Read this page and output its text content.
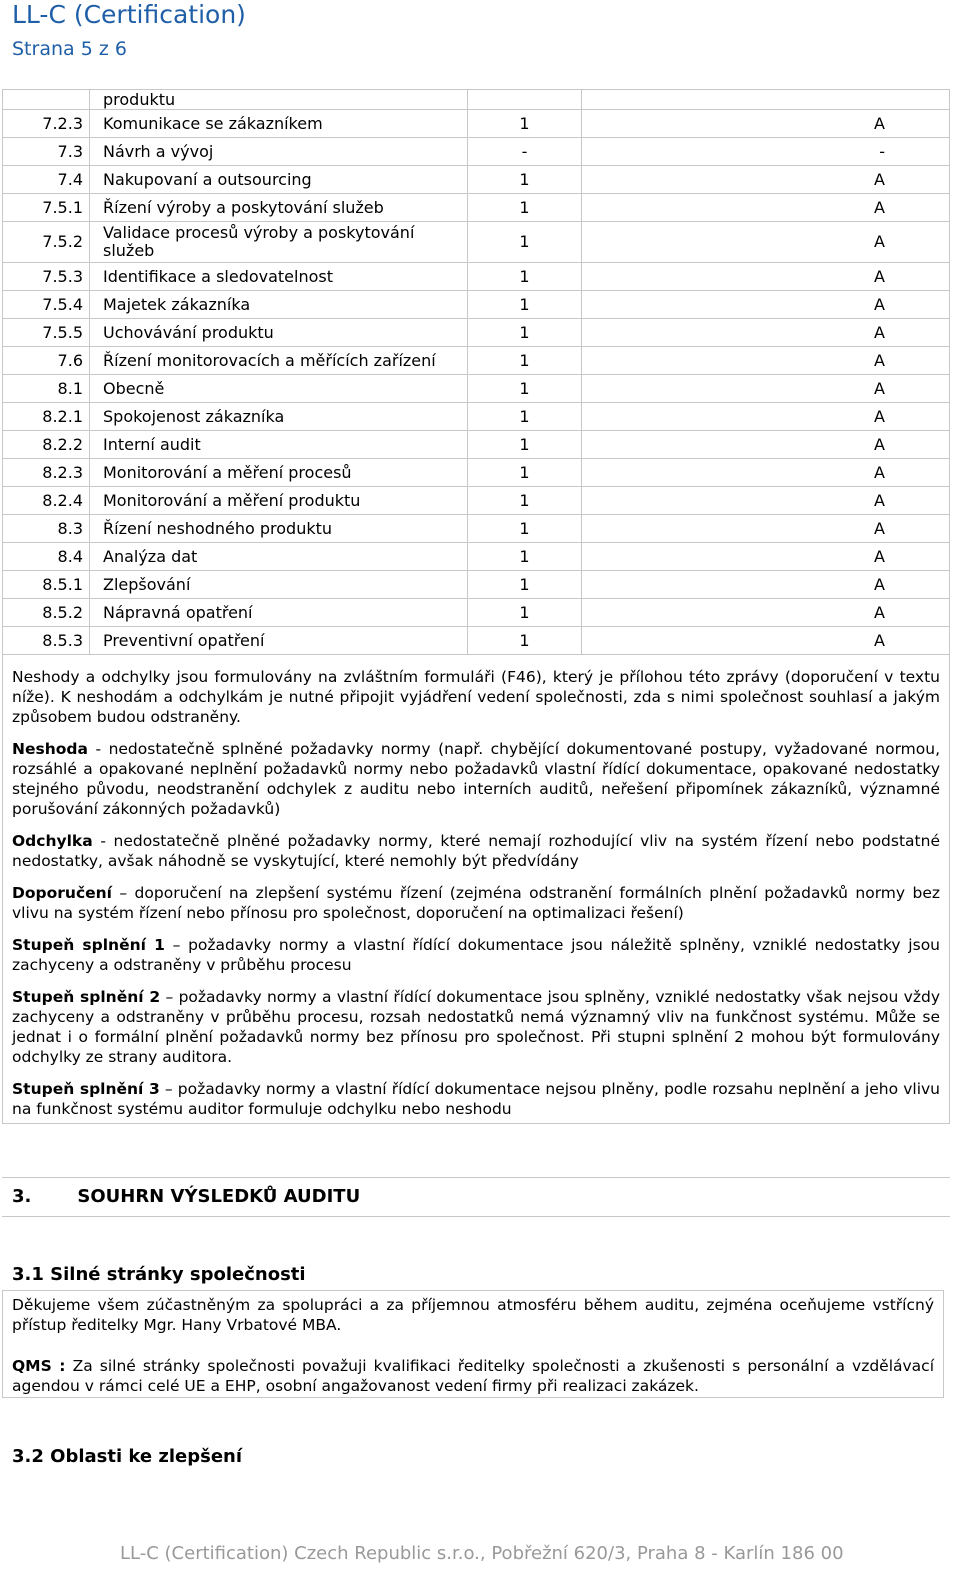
LL-C (Certification)
Strana 5 z 6
	produktu		
7.2.3	Komunikace se zákazníkem	1	A
7.3	Návrh a vývoj	-	-
7.4	Nakupovaní a outsourcing	1	A
7.5.1	Řízení výroby a poskytování služeb	1	A
7.5.2	Validace procesů výroby a poskytování služeb	1	A
7.5.3	Identifikace a sledovatelnost	1	A
7.5.4	Majetek zákazníka	1	A
7.5.5	Uchovávání produktu	1	A
7.6	Řízení monitorovacích a měřících zařízení	1	A
8.1	Obecně	1	A
8.2.1	Spokojenost zákazníka	1	A
8.2.2	Interní audit	1	A
8.2.3	Monitorování a měření procesů	1	A
8.2.4	Monitorování a měření produktu	1	A
8.3	Řízení neshodného produktu	1	A
8.4	Analýza dat	1	A
8.5.1	Zlepšování	1	A
8.5.2	Nápravná opatření	1	A
8.5.3	Preventivní opatření	1	A

Neshody a odchylky jsou formulovány na zvláštním formuláři (F46), který je přílohou této zprávy (doporučení v textu níže). K neshodám a odchylkám je nutné připojit vyjádření vedení společnosti, zda s nimi společnost souhlasí a jakým způsobem budou odstraněny.

Neshoda - nedostatečně splněné požadavky normy (např. chybějící dokumentované postupy, vyžadované normou, rozsáhlé a opakované neplnění požadavků normy nebo požadavků vlastní řídící dokumentace, opakované nedostatky stejného původu, neodstranění odchylek z auditu nebo interních auditů, neřešení připomínek zákazníků, významné porušování zákonných požadavků)

Odchylka - nedostatečně plněné požadavky normy, které nemají rozhodující vliv na systém řízení nebo podstatné nedostatky, avšak náhodně se vyskytující, které nemohly být předvídány

Doporučení – doporučení na zlepšení systému řízení (zejména odstranění formálních plnění požadavků normy bez vlivu na systém řízení nebo přínosu pro společnost, doporučení na optimalizaci řešení)

Stupeň splnění 1 – požadavky normy a vlastní řídící dokumentace jsou náležitě splněny, vzniklé nedostatky jsou zachyceny a odstraněny v průběhu procesu

Stupeň splnění 2 – požadavky normy a vlastní řídící dokumentace jsou splněny, vzniklé nedostatky však nejsou vždy zachyceny a odstraněny v průběhu procesu, rozsah nedostatků nemá významný vliv na funkčnost systému. Může se jednat i o formální plnění požadavků normy bez přínosu pro společnost. Při stupni splnění 2 mohou být formulovány odchylky ze strany auditora.

Stupeň splnění 3 – požadavky normy a vlastní řídící dokumentace nejsou plněny, podle rozsahu neplnění a jeho vlivu na funkčnost systému auditor formuluje odchylku nebo neshodu

3.	SOUHRN VÝSLEDKŮ AUDITU
3.1 Silné stránky společnosti

Děkujeme všem zúčastněným za spolupráci a za příjemnou atmosféru během auditu, zejména oceňujeme vstřícný přístup ředitelky Mgr. Hany Vrbatové MBA.

QMS : Za silné stránky společnosti považuji kvalifikaci ředitelky společnosti a zkušenosti s personální a vzdělávací agendou v rámci celé UE a EHP, osobní angažovanost vedení firmy při realizaci zakázek.

3.2 Oblasti ke zlepšení
LL-C (Certification) Czech Republic s.r.o., Pobřežní 620/3, Praha 8 - Karlín 186 00
